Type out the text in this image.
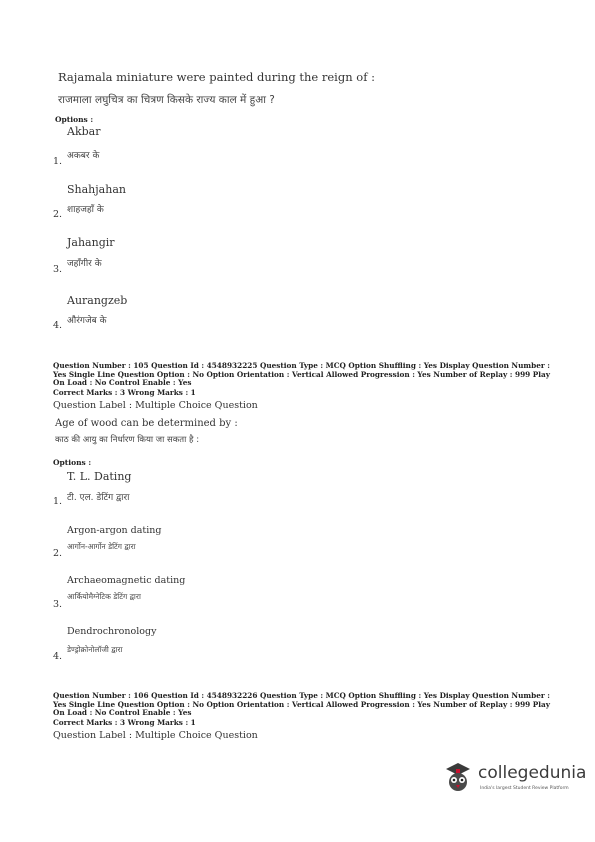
Rajamala miniature were painted during the reign of :
राजमाला लघुचित्र का चित्रण किसके राज्य काल में हुआ ?
Options :
Akbar
1. अकबर के
Shahjahan
2. शाहजहाँ के
Jahangir
3. जहाँगीर के
Aurangzeb
4. औरंगजेब के
Question Number : 105 Question Id : 4548932225 Question Type : MCQ Option Shuffling : Yes Display Question Number : Yes Single Line Question Option : No Option Orientation : Vertical Allowed Progression : Yes Number of Replay : 999 Play On Load : No Control Enable : Yes
Correct Marks : 3 Wrong Marks : 1
Question Label : Multiple Choice Question
Age of wood can be determined by :
काठ की आयु का निर्धारण किया जा सकता है :
Options :
T. L. Dating
1. टी. एल. डेटिंग द्वारा
Argon-argon dating
2.
आर्गोन-आर्गोन डेटिंग द्वारा
Archaeomagnetic dating
3.
आर्कियोमैग्नेटिक डेटिंग द्वारा
Dendrochronology
4.
डेण्ड्रोक्रोनोलॉजी द्वारा
Question Number : 106 Question Id : 4548932226 Question Type : MCQ Option Shuffling : Yes Display Question Number : Yes Single Line Question Option : No Option Orientation : Vertical Allowed Progression : Yes Number of Replay : 999 Play On Load : No Control Enable : Yes
Correct Marks : 3 Wrong Marks : 1
Question Label : Multiple Choice Question
collegedunia
India's largest Student Review Platform
